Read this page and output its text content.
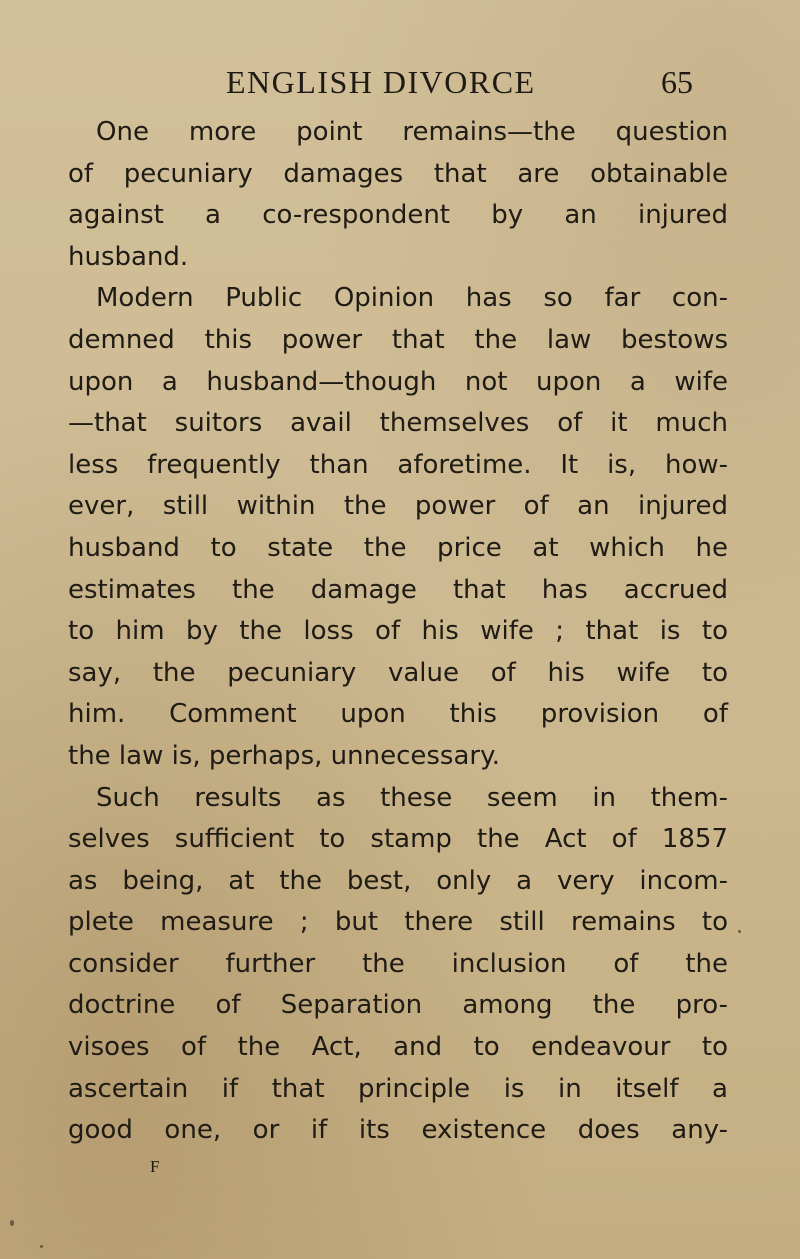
ENGLISH DIVORCE	65
One more point remains—the question
of pecuniary damages that are obtainable
against a co-respondent by an injured
husband.
Modern Public Opinion has so far con-
demned this power that the law bestows
upon a husband—though not upon a wife
—that suitors avail themselves of it much
less frequently than aforetime. It is, how-
ever, still within the power of an injured
husband to state the price at which he
estimates the damage that has accrued
to him by the loss of his wife ; that is to
say, the pecuniary value of his wife to
him. Comment upon this provision of
the law is, perhaps, unnecessary.
Such results as these seem in them-
selves sufficient to stamp the Act of 1857
as being, at the best, only a very incom-
plete measure ; but there still remains to
consider further the inclusion of the
doctrine of Separation among the pro-
visoes of the Act, and to endeavour to
ascertain if that principle is in itself a
good one, or if its existence does any-
F
